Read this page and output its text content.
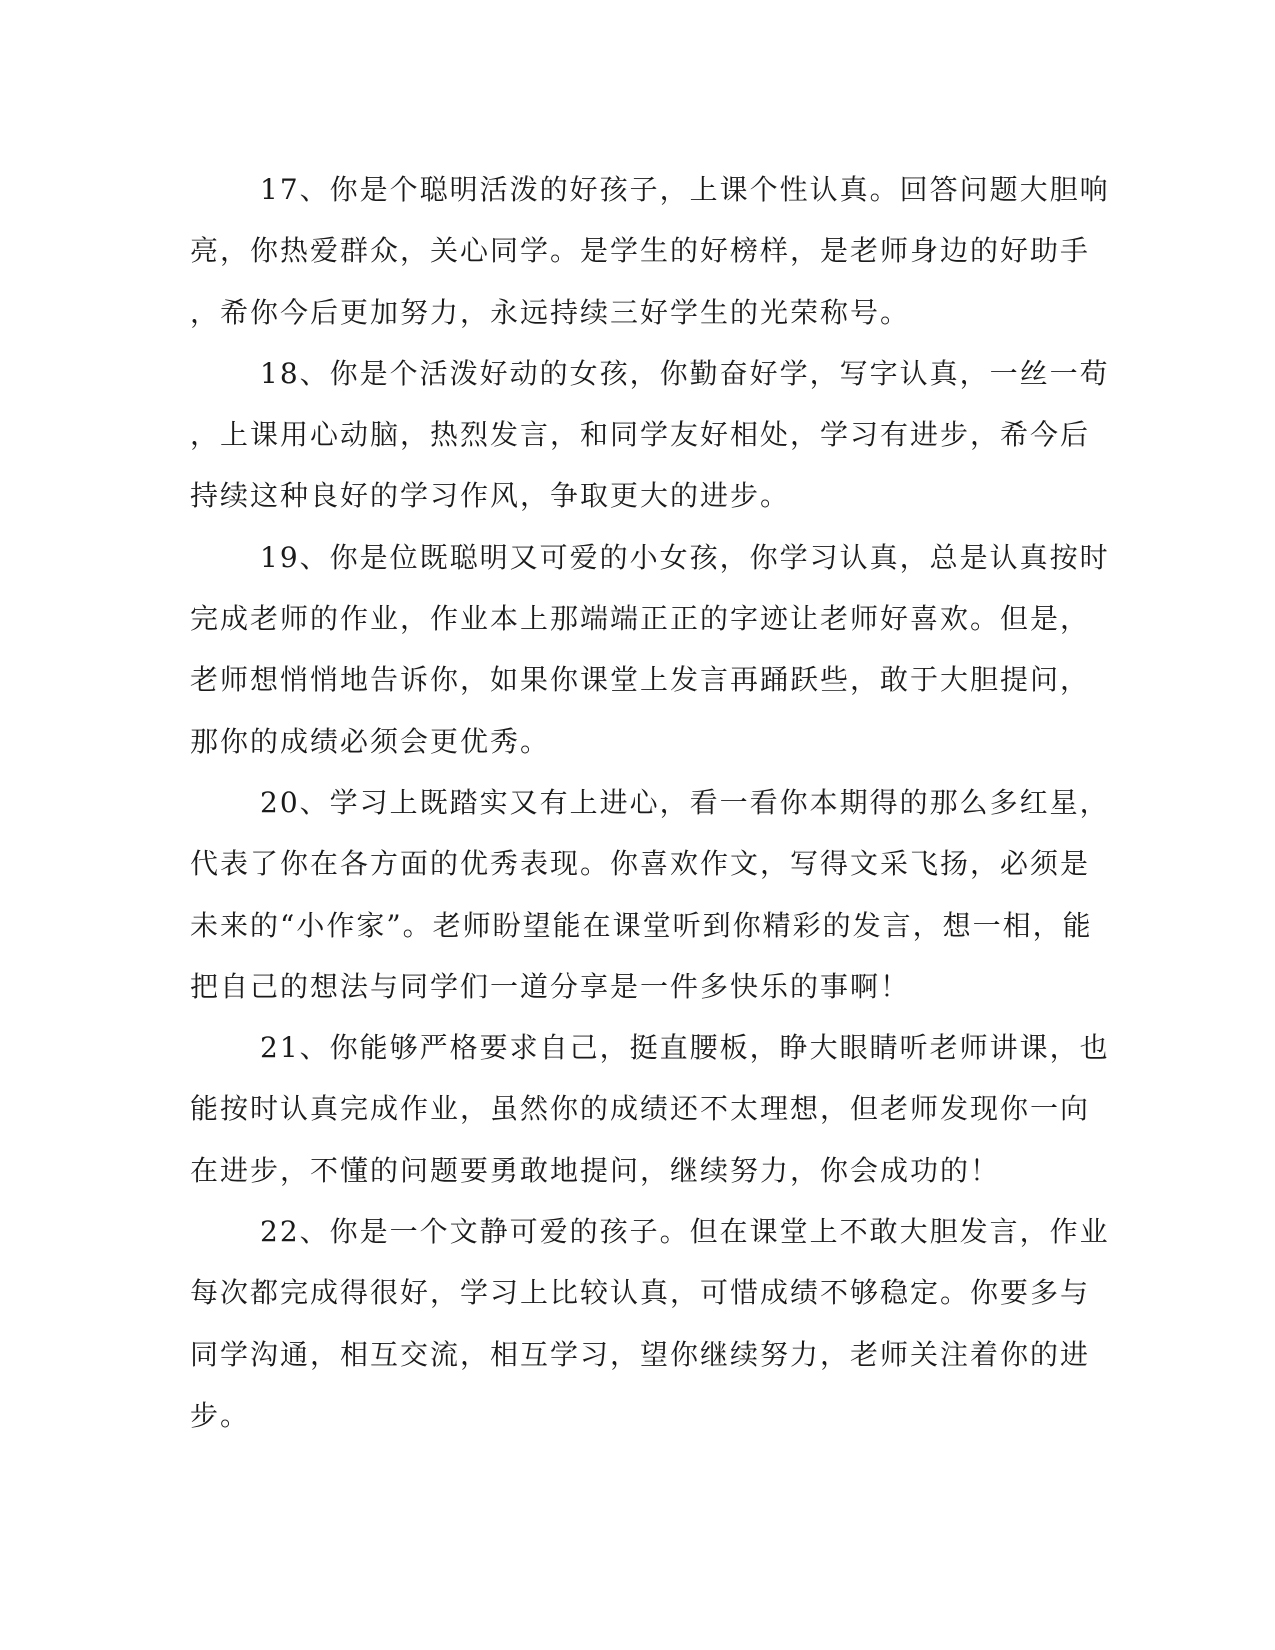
17、你是个聪明活泼的好孩子，上课个性认真。回答问题大胆响
亮，你热爱群众，关心同学。是学生的好榜样，是老师身边的好助手
，希你今后更加努力，永远持续三好学生的光荣称号。
18、你是个活泼好动的女孩，你勤奋好学，写字认真，一丝一苟
，上课用心动脑，热烈发言，和同学友好相处，学习有进步，希今后
持续这种良好的学习作风，争取更大的进步。
19、你是位既聪明又可爱的小女孩，你学习认真，总是认真按时
完成老师的作业，作业本上那端端正正的字迹让老师好喜欢。但是，
老师想悄悄地告诉你，如果你课堂上发言再踊跃些，敢于大胆提问，
那你的成绩必须会更优秀。
20、学习上既踏实又有上进心，看一看你本期得的那么多红星，
代表了你在各方面的优秀表现。你喜欢作文，写得文采飞扬，必须是
未来的“小作家”。老师盼望能在课堂听到你精彩的发言，想一相，能
把自己的想法与同学们一道分享是一件多快乐的事啊！
21、你能够严格要求自己，挺直腰板，睁大眼睛听老师讲课，也
能按时认真完成作业，虽然你的成绩还不太理想，但老师发现你一向
在进步，不懂的问题要勇敢地提问，继续努力，你会成功的！
22、你是一个文静可爱的孩子。但在课堂上不敢大胆发言，作业
每次都完成得很好，学习上比较认真，可惜成绩不够稳定。你要多与
同学沟通，相互交流，相互学习，望你继续努力，老师关注着你的进
步。
